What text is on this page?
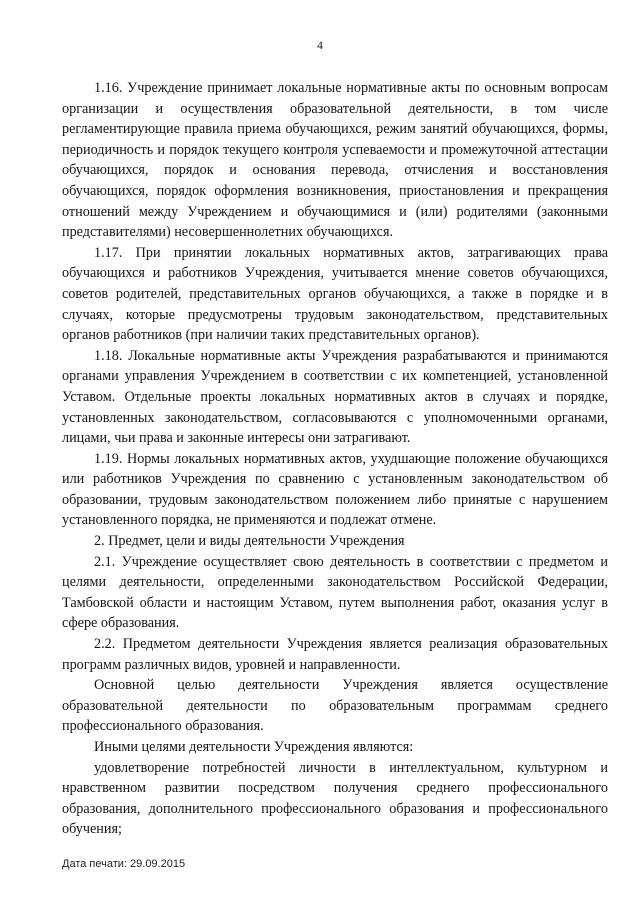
4

1.16. Учреждение принимает локальные нормативные акты по основным вопросам организации и осуществления образовательной деятельности, в том числе регламентирующие правила приема обучающихся, режим занятий обучающихся, формы, периодичность и порядок текущего контроля успеваемости и промежуточной аттестации обучающихся, порядок и основания перевода, отчисления и восстановления обучающихся, порядок оформления возникновения, приостановления и прекращения отношений между Учреждением и обучающимися и (или) родителями (законными представителями) несовершеннолетних обучающихся.

1.17. При принятии локальных нормативных актов, затрагивающих права обучающихся и работников Учреждения, учитывается мнение советов обучающихся, советов родителей, представительных органов обучающихся, а также в порядке и в случаях, которые предусмотрены трудовым законодательством, представительных органов работников (при наличии таких представительных органов).

1.18. Локальные нормативные акты Учреждения разрабатываются и принимаются органами управления Учреждением в соответствии с их компетенцией, установленной Уставом. Отдельные проекты локальных нормативных актов в случаях и порядке, установленных законодательством, согласовываются с уполномоченными органами, лицами, чьи права и законные интересы они затрагивают.

1.19. Нормы локальных нормативных актов, ухудшающие положение обучающихся или работников Учреждения по сравнению с установленным законодательством об образовании, трудовым законодательством положением либо принятые с нарушением установленного порядка, не применяются и подлежат отмене.

2. Предмет, цели и виды деятельности Учреждения

2.1. Учреждение осуществляет свою деятельность в соответствии с предметом и целями деятельности, определенными законодательством Российской Федерации, Тамбовской области и настоящим Уставом, путем выполнения работ, оказания услуг в сфере образования.

2.2. Предметом деятельности Учреждения является реализация образовательных программ различных видов, уровней и направленности.

Основной целью деятельности Учреждения является осуществление образовательной деятельности по образовательным программам среднего профессионального образования.

Иными целями деятельности Учреждения являются:

удовлетворение потребностей личности в интеллектуальном, культурном и нравственном развитии посредством получения среднего профессионального образования, дополнительного профессионального образования и профессионального обучения;

Дата печати: 29.09.2015
